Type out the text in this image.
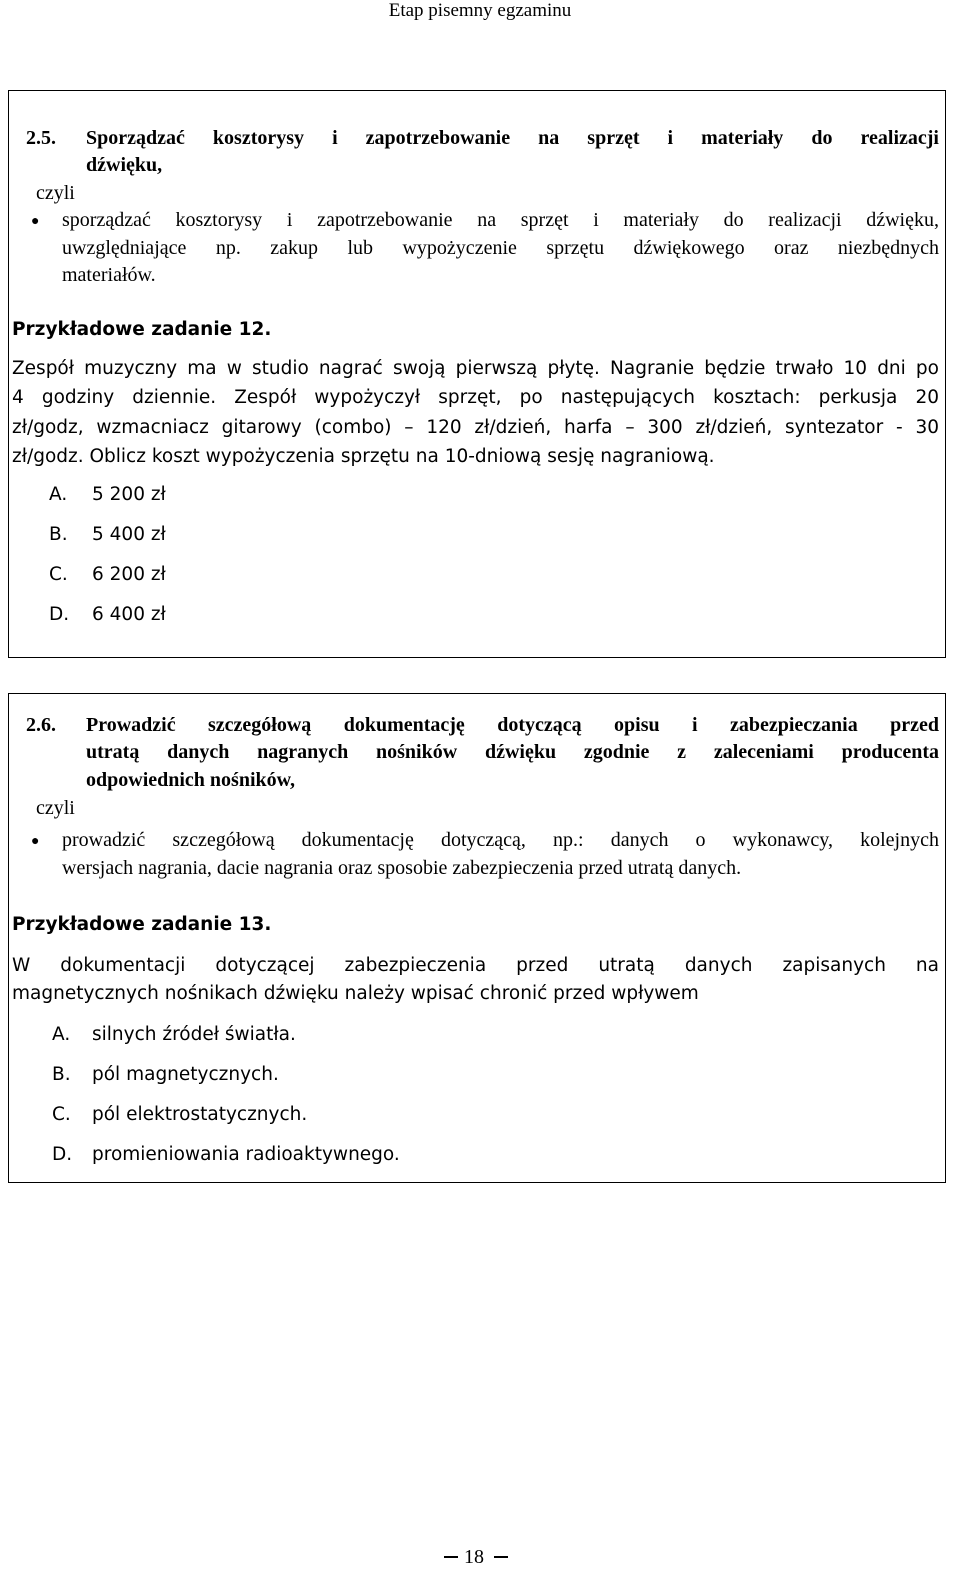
Etap pisemny egzaminu
2.5. Sporządzać kosztorysy i zapotrzebowanie na sprzęt i materiały do realizacji
dźwięku,
czyli
● sporządzać kosztorysy i zapotrzebowanie na sprzęt i materiały do realizacji dźwięku,
uwzględniające np. zakup lub wypożyczenie sprzętu dźwiękowego oraz niezbędnych
materiałów.
Przykładowe zadanie 12.
Zespół muzyczny ma w studio nagrać swoją pierwszą płytę. Nagranie będzie trwało 10 dni po
4 godziny dziennie. Zespół wypożyczył sprzęt, po następujących kosztach: perkusja 20
zł/godz, wzmacniacz gitarowy (combo) – 120 zł/dzień, harfa – 300 zł/dzień, syntezator - 30
zł/godz. Oblicz koszt wypożyczenia sprzętu na 10-dniową sesję nagraniową.
A. 5 200 zł
B. 5 400 zł
C. 6 200 zł
D. 6 400 zł
2.6. Prowadzić szczegółową dokumentację dotyczącą opisu i zabezpieczania przed
utratą danych nagranych nośników dźwięku zgodnie z zaleceniami producenta
odpowiednich nośników,
czyli
● prowadzić szczegółową dokumentację dotyczącą, np.: danych o wykonawcy, kolejnych
wersjach nagrania, dacie nagrania oraz sposobie zabezpieczenia przed utratą danych.
Przykładowe zadanie 13.
W dokumentacji dotyczącej zabezpieczenia przed utratą danych zapisanych na
magnetycznych nośnikach dźwięku należy wpisać chronić przed wpływem
A. silnych źródeł światła.
B. pól magnetycznych.
C. pól elektrostatycznych.
D. promieniowania radioaktywnego.
18
